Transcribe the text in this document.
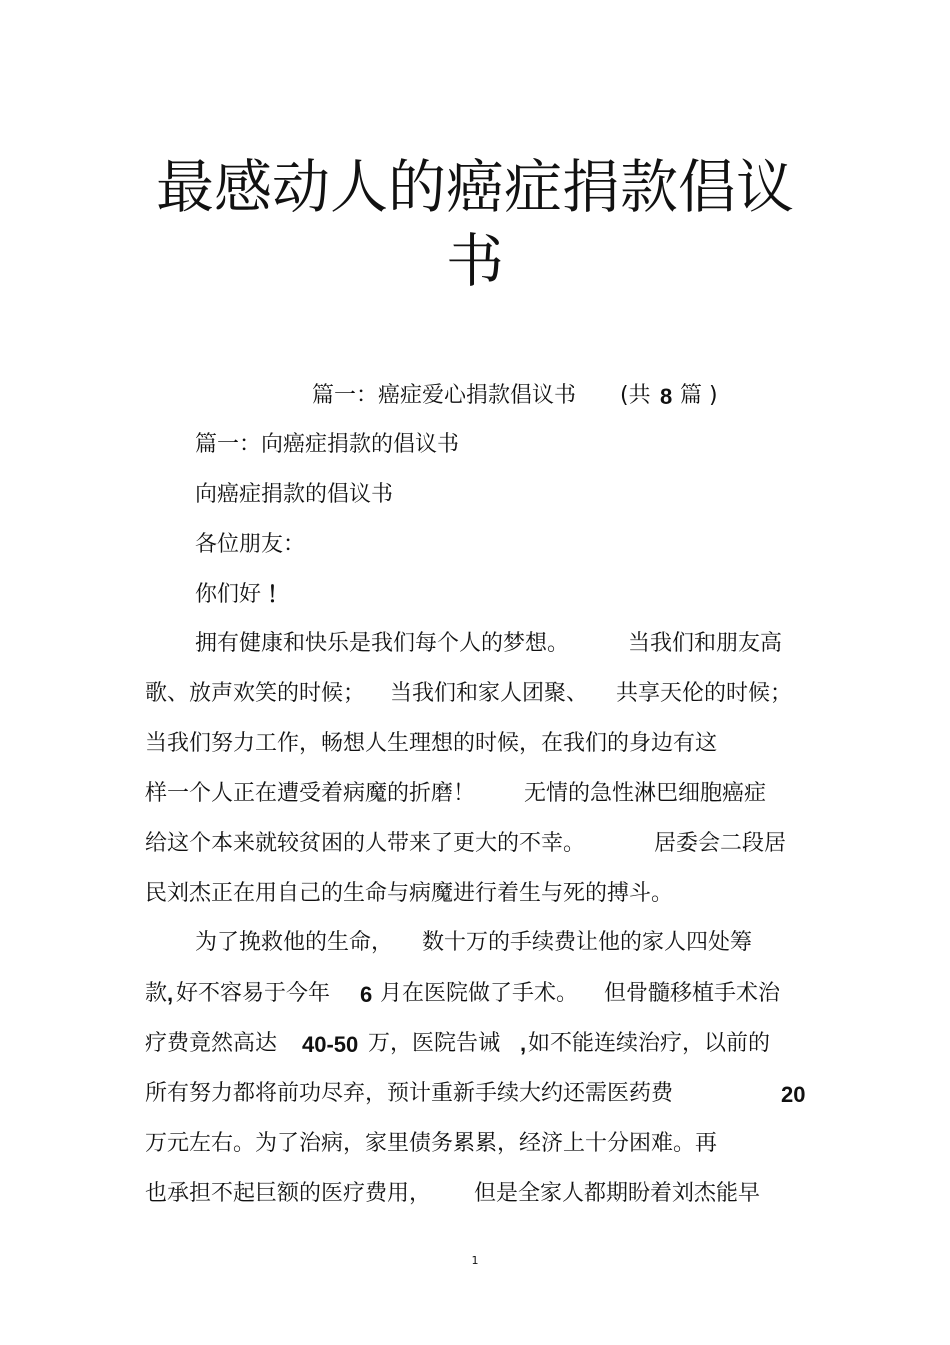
最感动人的癌症捐款倡议
书
篇一：癌症爱心捐款倡议书 (共 8 篇 )
篇一：向癌症捐款的倡议书
向癌症捐款的倡议书
各位朋友：
你们好 ！
拥有健康和快乐是我们每个人的梦想。	当我们和朋友高
歌、放声欢笑的时候； 当我们和家人团聚、 共享天伦的时候；
当我们努力工作，畅想人生理想的时候，在我们的身边有这
样一个人正在遭受着病魔的折磨！ 无情的急性淋巴细胞癌症
给这个本来就较贫困的人带来了更大的不幸。	居委会二段居
民刘杰正在用自己的生命与病魔进行着生与死的搏斗。
为了挽救他的生命， 数十万的手续费让他的家人四处筹
款 , 好不容易于今年 6 月在医院做了手术。 但骨髓移植手术治
疗费竟然高达 40-50 万，医院告诫 , 如不能连续治疗，以前的
所有努力都将前功尽弃，预计重新手续大约还需医药费	20
万元左右。为了治病，家里债务累累，经济上十分困难。再
也承担不起巨额的医疗费用， 但是全家人都期盼着刘杰能早
1
